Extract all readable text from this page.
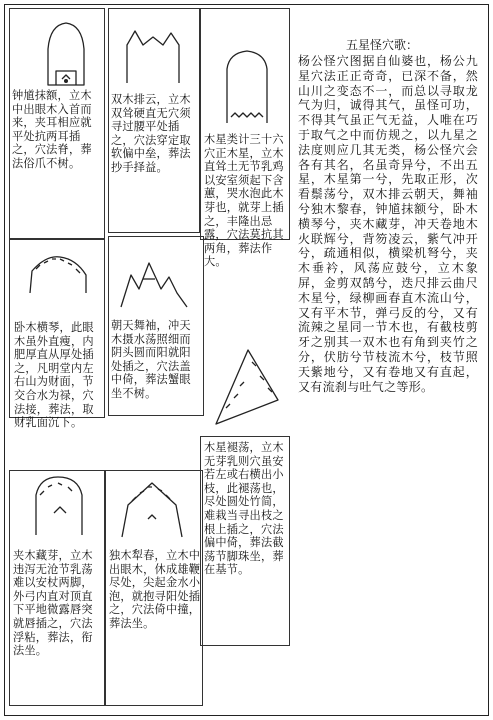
钟馗抹额，立木中出眼木入首而来，夹耳相应就平处抗两耳插之，穴法脊，葬法俗爪不树。
双木排云，立木双耸硬直无穴须寻过腰平处插之，穴法穿定取软偏中垒，葬法抄手择益。
木星类计三十六穴正木星，立木直耸土无节乳鸡以安室须起下含蕙，哭水泡此木芽也，就芽上插之，丰隆出忌露，穴法莫抗其两角，葬法作大。
五星怪穴歌：
杨公怪穴图据自仙婆也，杨公九星穴法正正奇奇，已深不备，然山川之变态不一，而总以寻取龙气为归，诚得其气，虽怪可功，不得其气虽正气无益，人唯在巧于取气之中而仿规之，以九星之法度则应几其无类，杨公怪穴会各有其名，名虽奇异兮，不出五星，木星第一兮，先取正形，次看鬃荡兮，双木排云朝天，舞袖兮独木黎春，钟馗抹额兮，卧木横琴兮，夹木藏芽，冲天卷地木火联辉兮，背笏凌云，紫气冲开兮，疏通相似，横梁机弩兮，夹木垂衿，风荡应鼓兮，立木象屏，金剪双鹄兮，迭尺排云曲尺木星兮，绿柳画春直木流山兮，又有平木节，弹弓反的兮，又有流辣之星同一节木也，有截枝剪牙之别其一双木也有角到夹竹之分，伏肪兮节枝流木兮，枝节照天紫地兮，又有卷地又有直起，又有流刹与吐气之等形。
卧木横琴，此眼木虽外直瘦，内肥厚直从厚处插之，凡明堂内左右山为财面，节交合水为禄，穴法接，葬法，取财乳面沉下。
朝天舞袖，冲天木摄水荡照细而阴头圆而阳就阳处插之，穴法盖中倚，葬法蟹眼坐不树。
木星褪荡，立木无芽乳则穴虽安若左或右横出小枝，此褪荡也，尽处圆处竹简，难栽当寻出枝之根上插之，穴法偏中倚，葬法截荡节脚珠坐，葬在基节。
夹木藏芽，立木违泻无沧节乳荡难以安杖两脚，外弓内直对顶直下平地微露唇突就唇插之，穴法浮粘，葬法，衔法坐。
独木犁春，立木中出眼木，休成雄鞭尽处，尖起金水小泡，就抱寻阳处插之，穴法倚中撞，葬法坐。
